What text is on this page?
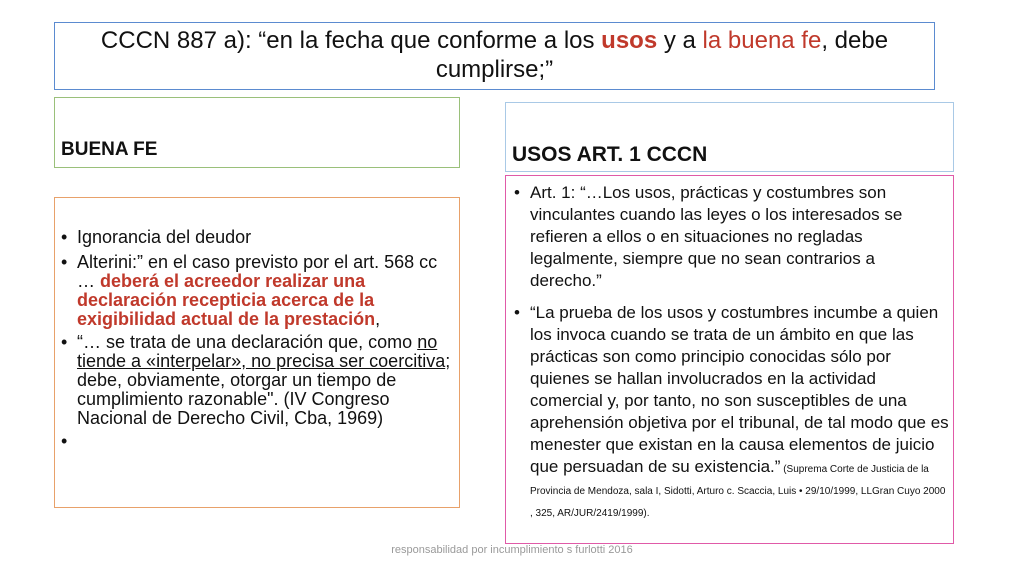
CCCN 887 a): “en la fecha que conforme a los usos y a la buena fe, debe cumplirse;”
BUENA FE	USOS ART. 1 CCCN
• Ignorancia del deudor
• Alterini:” en el caso previsto por el art. 568 cc … deberá el acreedor realizar una declaración recepticia acerca de la exigibilidad actual de la prestación,
• “… se trata de una declaración que, como no tiende a «interpelar», no precisa ser coercitiva; debe, obviamente, otorgar un tiempo de cumplimiento razonable". (IV Congreso Nacional de Derecho Civil, Cba, 1969)
• Art. 1: “…Los usos, prácticas y costumbres son vinculantes cuando las leyes o los interesados se refieren a ellos o en situaciones no regladas legalmente, siempre que no sean contrarios a derecho.”
• “La prueba de los usos y costumbres incumbe a quien los invoca cuando se trata de un ámbito en que las prácticas son como principio conocidas sólo por quienes se hallan involucrados en la actividad comercial y, por tanto, no son susceptibles de una aprehensión objetiva por el tribunal, de tal modo que es menester que existan en la causa elementos de juicio que persuadan de su existencia.” (Suprema Corte de Justicia de la Provincia de Mendoza, sala I, Sidotti, Arturo c. Scaccia, Luis • 29/10/1999, LLGran Cuyo 2000 , 325, AR/JUR/2419/1999).
responsabilidad por incumplimiento s furlotti 2016
